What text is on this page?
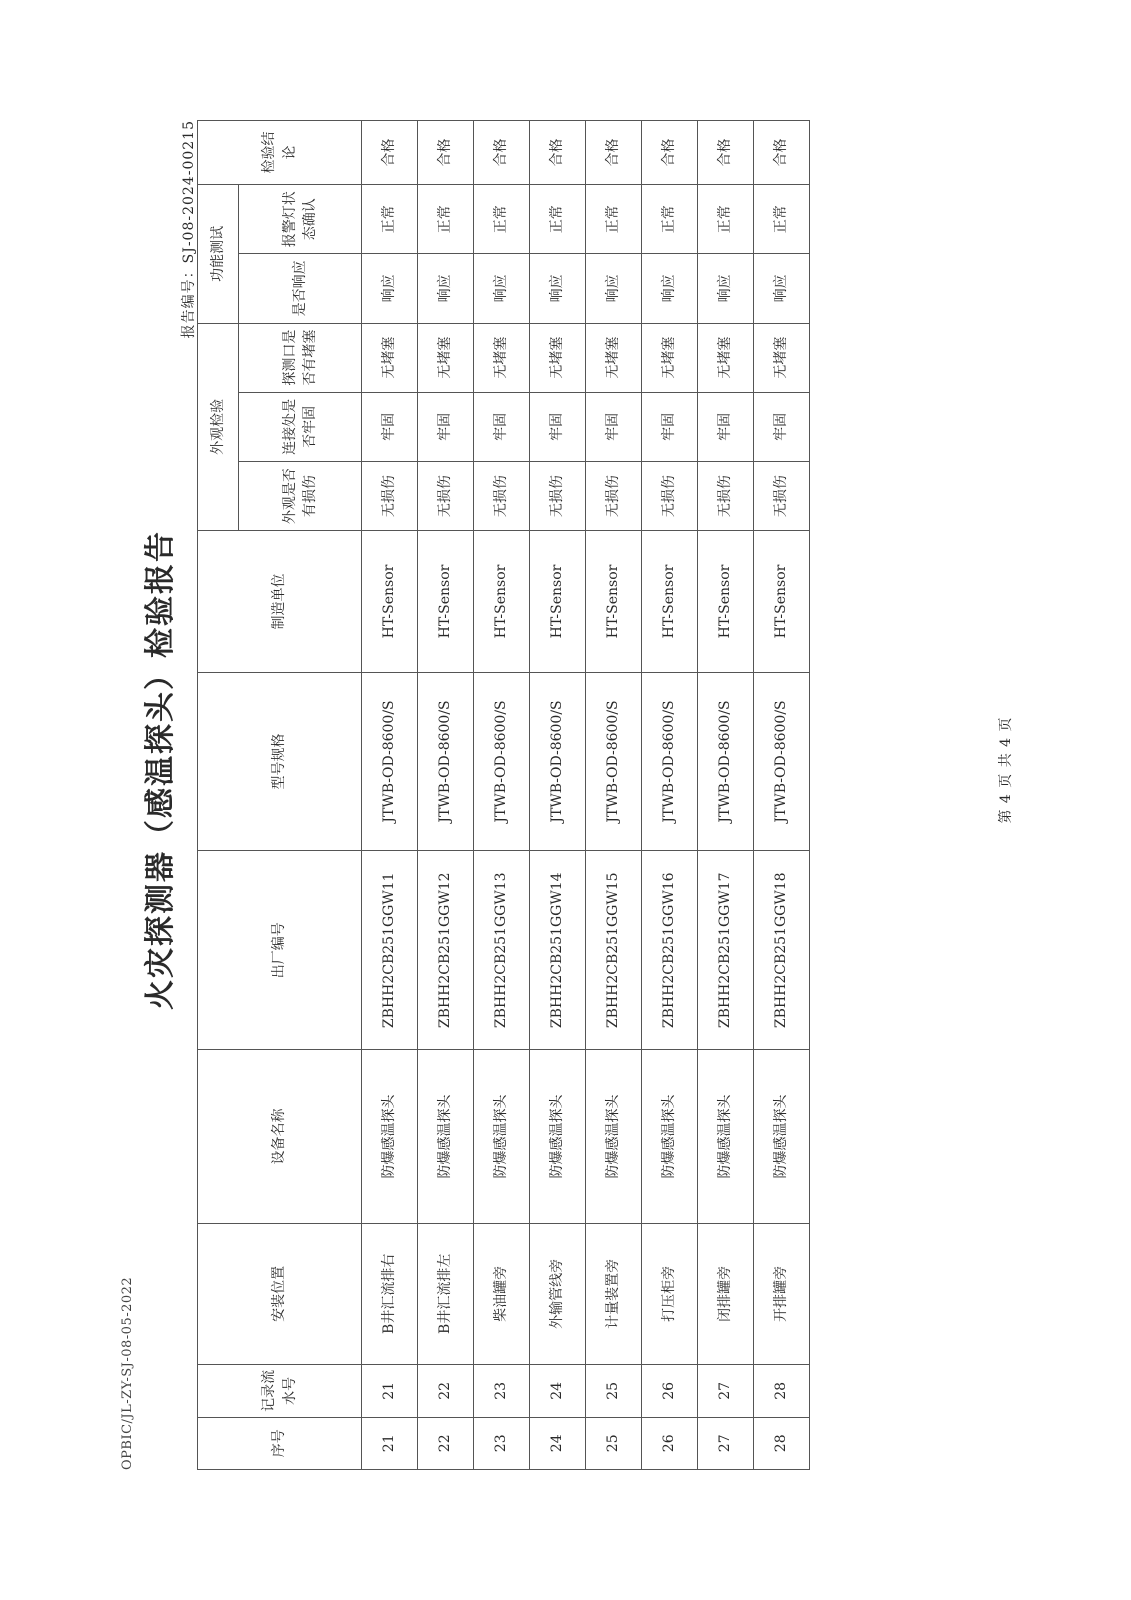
OPBIC/JL-ZY-SJ-08-05-2022
火灾探测器（感温探头）检验报告
报告编号：SJ-08-2024-00215
序号	记录流水号	安装位置	设备名称	出厂编号	型号规格	制造单位	外观检验			功能测试		检验结论
							外观是否有损伤	连接处是否牢固	探测口是否有堵塞	是否响应	报警灯状态确认	
21	21	B井汇流排右	防爆感温探头	ZBHH2CB251GGW11	JTWB-OD-8600/S	HT-Sensor	无损伤	牢固	无堵塞	响应	正常	合格
22	22	B井汇流排左	防爆感温探头	ZBHH2CB251GGW12	JTWB-OD-8600/S	HT-Sensor	无损伤	牢固	无堵塞	响应	正常	合格
23	23	柴油罐旁	防爆感温探头	ZBHH2CB251GGW13	JTWB-OD-8600/S	HT-Sensor	无损伤	牢固	无堵塞	响应	正常	合格
24	24	外输管线旁	防爆感温探头	ZBHH2CB251GGW14	JTWB-OD-8600/S	HT-Sensor	无损伤	牢固	无堵塞	响应	正常	合格
25	25	计量装置旁	防爆感温探头	ZBHH2CB251GGW15	JTWB-OD-8600/S	HT-Sensor	无损伤	牢固	无堵塞	响应	正常	合格
26	26	打压柜旁	防爆感温探头	ZBHH2CB251GGW16	JTWB-OD-8600/S	HT-Sensor	无损伤	牢固	无堵塞	响应	正常	合格
27	27	闭排罐旁	防爆感温探头	ZBHH2CB251GGW17	JTWB-OD-8600/S	HT-Sensor	无损伤	牢固	无堵塞	响应	正常	合格
28	28	开排罐旁	防爆感温探头	ZBHH2CB251GGW18	JTWB-OD-8600/S	HT-Sensor	无损伤	牢固	无堵塞	响应	正常	合格
第 4 页 共 4 页
